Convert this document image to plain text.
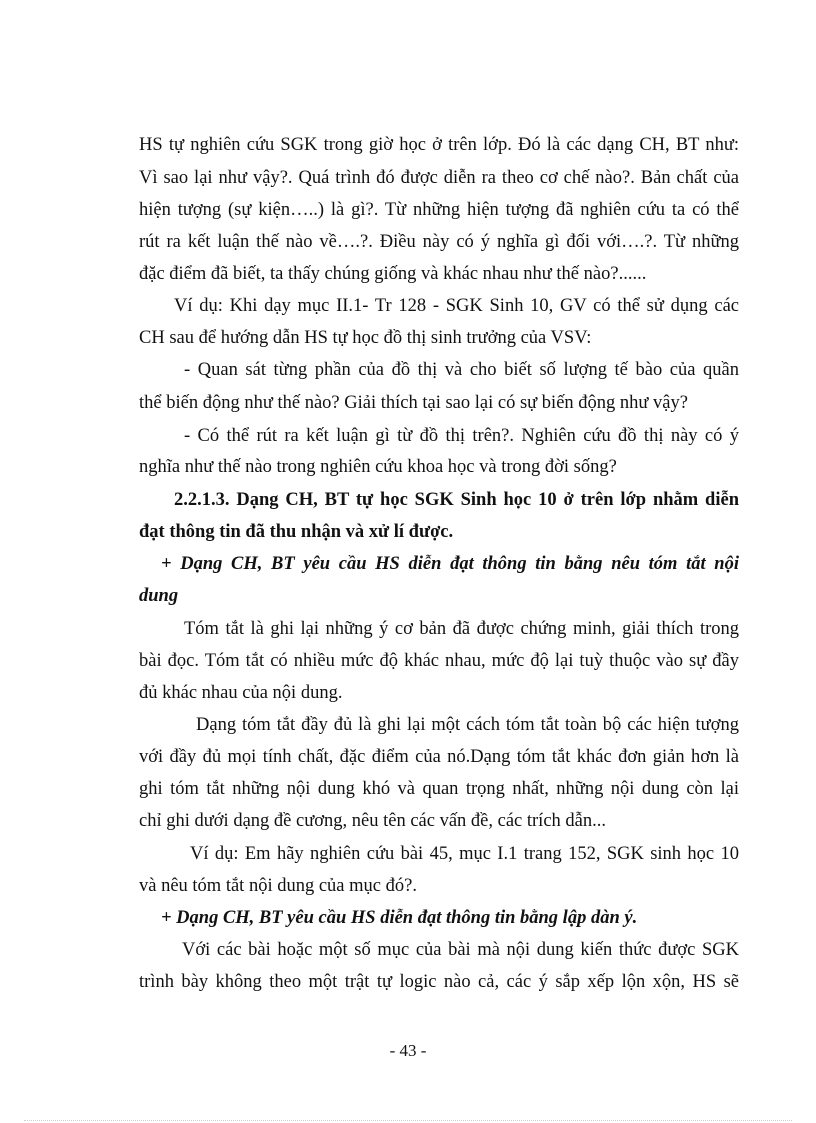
HS tự nghiên cứu SGK trong giờ học ở trên lớp. Đó là các dạng CH, BT như:

Vì sao lại như vậy?. Quá trình đó được diễn ra theo cơ chế nào?. Bản chất của

hiện tượng (sự kiện…..) là gì?. Từ những hiện tượng đã nghiên cứu ta có thể

rút ra kết luận thế nào về….?. Điều này có ý nghĩa gì đối với….?. Từ những

đặc điểm đã biết, ta thấy chúng giống và khác nhau như thế nào?......

Ví dụ: Khi dạy mục II.1- Tr 128 - SGK Sinh 10, GV có thể sử dụng các

CH sau để hướng dẫn HS tự học đồ thị sinh trưởng của VSV:

- Quan sát từng phần của đồ thị và cho biết số lượng tế bào của quần

thể biến động như thế nào? Giải thích tại sao lại có sự biến động như vậy?

- Có thể rút ra kết luận gì từ đồ thị trên?. Nghiên cứu đồ thị này có ý

nghĩa như thế nào trong nghiên cứu khoa học và trong đời sống?

2.2.1.3. Dạng CH, BT tự học SGK Sinh học 10 ở trên lớp nhằm diễn

đạt thông tin đã thu nhận và xử lí được.

+ Dạng CH, BT yêu cầu HS diễn đạt thông tin bằng nêu tóm tắt nội

dung

Tóm tắt là ghi lại những ý cơ bản đã được chứng minh, giải thích trong

bài đọc. Tóm tắt có nhiều mức độ khác nhau, mức độ lại tuỳ thuộc vào sự đầy

đủ khác nhau của nội dung.

Dạng tóm tắt đầy đủ là ghi lại một cách tóm tắt toàn bộ các hiện tượng

với đầy đủ mọi tính chất, đặc điểm của nó.Dạng tóm tắt khác đơn giản hơn là

ghi tóm tắt những nội dung khó và quan trọng nhất, những nội dung còn lại

chỉ ghi dưới dạng đề cương, nêu tên các vấn đề, các trích dẫn...

Ví dụ: Em hãy nghiên cứu bài 45, mục I.1 trang 152, SGK sinh học 10

và nêu tóm tắt nội dung của mục đó?.

+ Dạng CH, BT yêu cầu HS diễn đạt thông tin bằng lập dàn ý.

Với các bài hoặc một số mục của bài mà nội dung kiến thức được SGK

trình bày không theo một trật tự logic nào cả, các ý sắp xếp lộn xộn, HS sẽ

- 43 -
